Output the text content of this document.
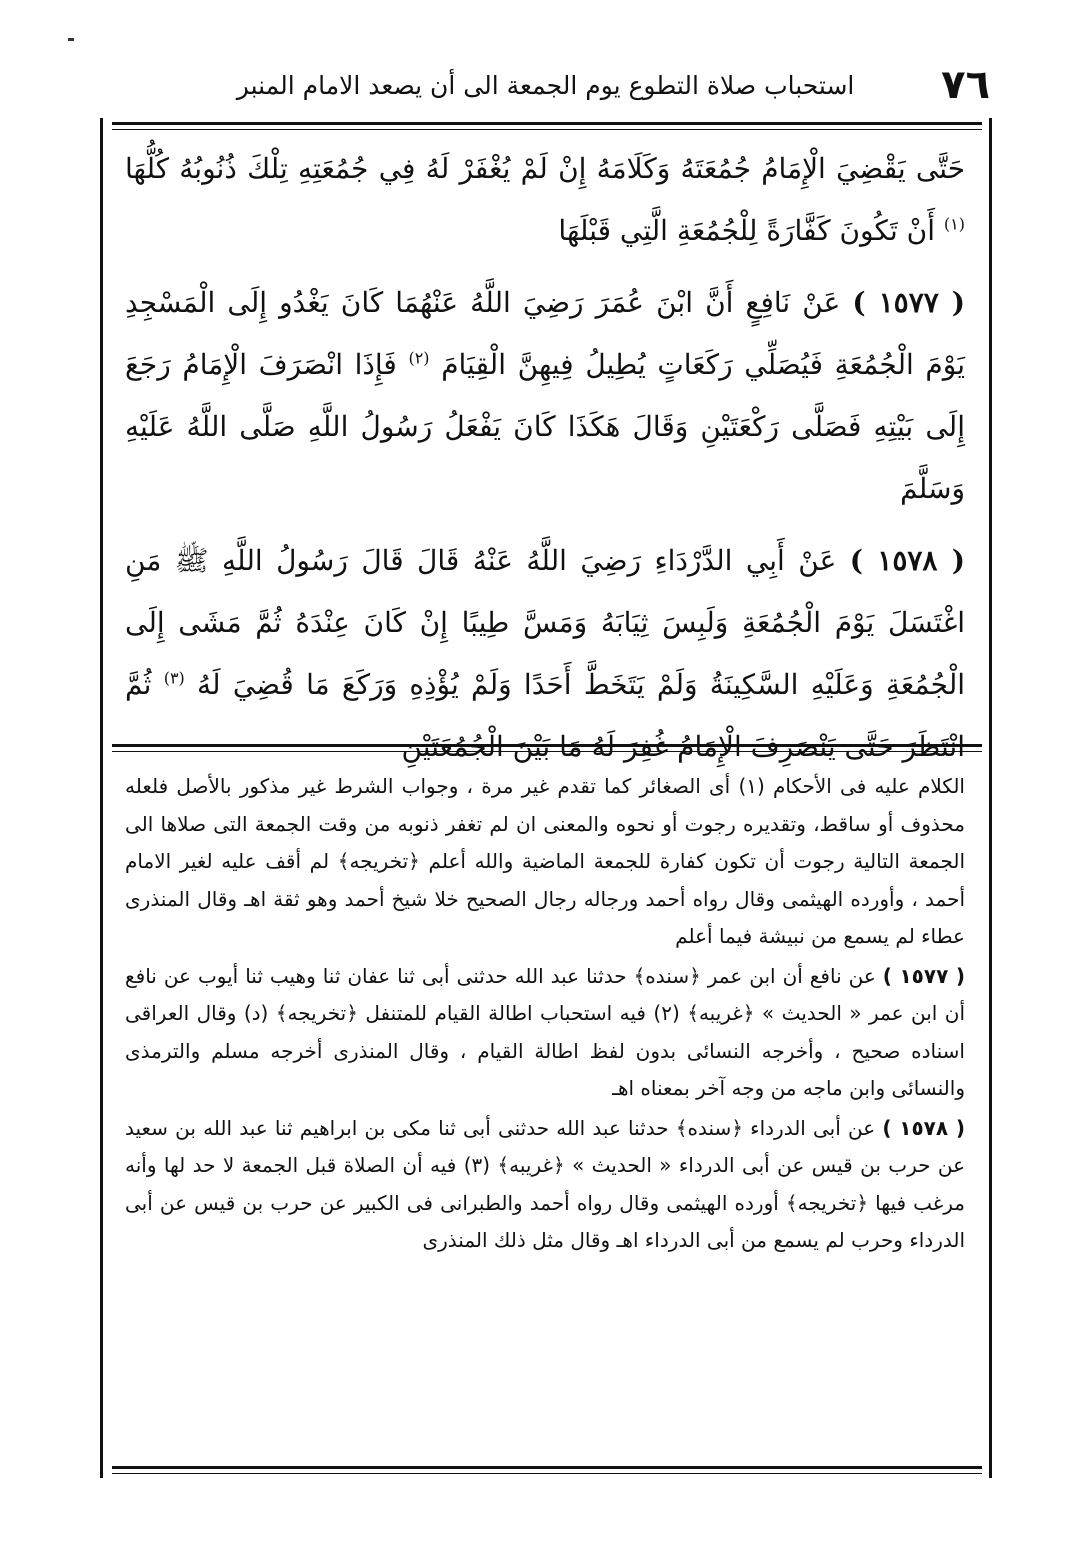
٧٦
استحباب صلاة التطوع يوم الجمعة الى أن يصعد الامام المنبر

حَتَّى يَقْضِيَ الْإِمَامُ جُمُعَتَهُ وَكَلَامَهُ إِنْ لَمْ يُغْفَرْ لَهُ فِي جُمُعَتِهِ تِلْكَ ذُنُوبُهُ كُلُّهَا $^{(١)}$ أَنْ تَكُونَ كَفَّارَةً لِلْجُمُعَةِ الَّتِي قَبْلَهَا

( ١٥٧٧ ) عَنْ نَافِعٍ أَنَّ ابْنَ عُمَرَ رَضِيَ اللَّهُ عَنْهُمَا كَانَ يَغْدُو إِلَى الْمَسْجِدِ يَوْمَ الْجُمُعَةِ فَيُصَلِّي رَكَعَاتٍ يُطِيلُ فِيهِنَّ الْقِيَامَ $^{(٢)}$ فَإِذَا انْصَرَفَ الْإِمَامُ رَجَعَ إِلَى بَيْتِهِ فَصَلَّى رَكْعَتَيْنِ وَقَالَ هَكَذَا كَانَ يَفْعَلُ رَسُولُ اللَّهِ صَلَّى اللَّهُ عَلَيْهِ وَسَلَّمَ

( ١٥٧٨ ) عَنْ أَبِي الدَّرْدَاءِ رَضِيَ اللَّهُ عَنْهُ قَالَ قَالَ رَسُولُ اللَّهِ ﷺ مَنِ اغْتَسَلَ يَوْمَ الْجُمُعَةِ وَلَبِسَ ثِيَابَهُ وَمَسَّ طِيبًا إِنْ كَانَ عِنْدَهُ ثُمَّ مَشَى إِلَى الْجُمُعَةِ وَعَلَيْهِ السَّكِينَةُ وَلَمْ يَتَخَطَّ أَحَدًا وَلَمْ يُؤْذِهِ وَرَكَعَ مَا قُضِيَ لَهُ $^{(٣)}$ ثُمَّ انْتَظَرَ حَتَّى يَنْصَرِفَ الْإِمَامُ غُفِرَ لَهُ مَا بَيْنَ الْجُمُعَتَيْنِ

الكلام عليه فى الأحكام (١) أى الصغائر كما تقدم غير مرة ، وجواب الشرط غير مذكور بالأصل فلعله محذوف أو ساقط، وتقديره رجوت أو نحوه والمعنى ان لم تغفر ذنوبه من وقت الجمعة التى صلاها الى الجمعة التالية رجوت أن تكون كفارة للجمعة الماضية والله أعلم ﴿تخريجه﴾ لم أقف عليه لغير الامام أحمد ، وأورده الهيثمى وقال رواه أحمد ورجاله رجال الصحيح خلا شيخ أحمد وهو ثقة اهـ وقال المنذرى عطاء لم يسمع من نبيشة فيما أعلم

( ١٥٧٧ ) عن نافع أن ابن عمر ﴿سنده﴾ حدثنا عبد الله حدثنى أبى ثنا عفان ثنا وهيب ثنا أيوب عن نافع أن ابن عمر « الحديث » ﴿غريبه﴾ (٢) فيه استحباب اطالة القيام للمتنفل ﴿تخريجه﴾ (د) وقال العراقى اسناده صحيح ، وأخرجه النسائى بدون لفظ اطالة القيام ، وقال المنذرى أخرجه مسلم والترمذى والنسائى وابن ماجه من وجه آخر بمعناه اهـ

( ١٥٧٨ ) عن أبى الدرداء ﴿سنده﴾ حدثنا عبد الله حدثنى أبى ثنا مكى بن ابراهيم ثنا عبد الله بن سعيد عن حرب بن قيس عن أبى الدرداء « الحديث » ﴿غريبه﴾ (٣) فيه أن الصلاة قبل الجمعة لا حد لها وأنه مرغب فيها ﴿تخريجه﴾ أورده الهيثمى وقال رواه أحمد والطبرانى فى الكبير عن حرب بن قيس عن أبى الدرداء وحرب لم يسمع من أبى الدرداء اهـ وقال مثل ذلك المنذرى
